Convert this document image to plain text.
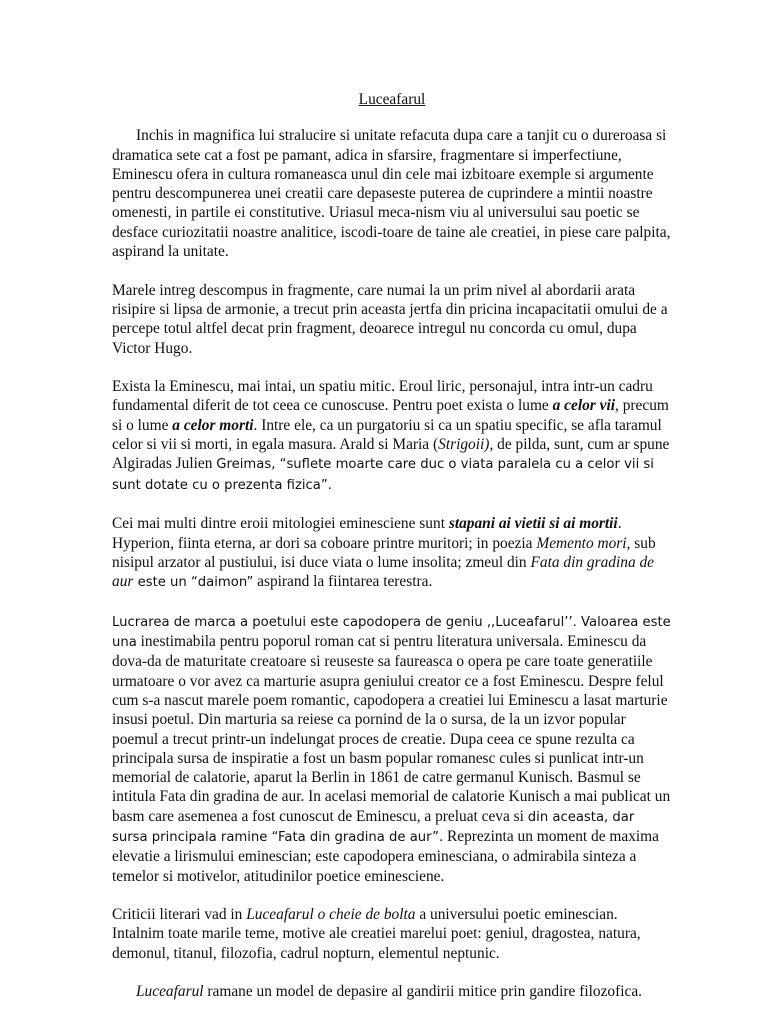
Luceafarul

Inchis in magnifica lui stralucire si unitate refacuta dupa care a tanjit cu o dureroasa si dramatica sete cat a fost pe pamant, adica in sfarsire, fragmentare si imperfectiune, Eminescu ofera in cultura romaneasca unul din cele mai izbitoare exemple si argumente pentru descompunerea unei creatii care depaseste puterea de cuprindere a mintii noastre omenesti, in partile ei constitutive. Uriasul meca-nism viu al universului sau poetic se desface curiozitatii noastre analitice, iscodi-toare de taine ale creatiei, in piese care palpita, aspirand la unitate.

Marele intreg descompus in fragmente, care numai la un prim nivel al abordarii arata risipire si lipsa de armonie, a trecut prin aceasta jertfa din pricina incapacitatii omului de a percepe totul altfel decat prin fragment, deoarece intregul nu concorda cu omul, dupa Victor Hugo.

Exista la Eminescu, mai intai, un spatiu mitic. Eroul liric, personajul, intra intr-un cadru fundamental diferit de tot ceea ce cunoscuse. Pentru poet exista o lume a celor vii, precum si o lume a celor morti. Intre ele, ca un purgatoriu si ca un spatiu specific, se afla taramul celor si vii si morti, in egala masura. Arald si Maria (Strigoii), de pilda, sunt, cum ar spune Algiradas Julien Greimas, “suflete moarte care duc o viata paralela cu a celor vii si sunt dotate cu o prezenta fizica”.

Cei mai multi dintre eroii mitologiei eminesciene sunt stapani ai vietii si ai mortii. Hyperion, fiinta eterna, ar dori sa coboare printre muritori; in poezia Memento mori, sub nisipul arzator al pustiului, isi duce viata o lume insolita; zmeul din Fata din gradina de aur este un “daimon” aspirand la fiintarea terestra.

Lucrarea de marca a poetului este capodopera de geniu ,,Luceafarul’’. Valoarea este una inestimabila pentru poporul roman cat si pentru literatura universala. Eminescu da dova-da de maturitate creatoare si reuseste sa faureasca o opera pe care toate generatiile urmatoare o vor avez ca marturie asupra geniului creator ce a fost Eminescu. Despre felul cum s-a nascut marele poem romantic, capodopera a creatiei lui Eminescu a lasat marturie insusi poetul. Din marturia sa reiese ca pornind de la o sursa, de la un izvor popular poemul a trecut printr-un indelungat proces de creatie. Dupa ceea ce spune rezulta ca principala sursa de inspiratie a fost un basm popular romanesc cules si punlicat intr-un memorial de calatorie, aparut la Berlin in 1861 de catre germanul Kunisch. Basmul se intitula Fata din gradina de aur. In acelasi memorial de calatorie Kunisch a mai publicat un basm care asemenea a fost cunoscut de Eminescu, a preluat ceva si din aceasta, dar sursa principala ramine “Fata din gradina de aur”. Reprezinta un moment de maxima elevatie a lirismului eminescian; este capodopera eminesciana, o admirabila sinteza a temelor si motivelor, atitudinilor poetice eminesciene.

Criticii literari vad in Luceafarul o cheie de bolta a universului poetic eminescian. Intalnim toate marile teme, motive ale creatiei marelui poet: geniul, dragostea, natura, demonul, titanul, filozofia, cadrul nopturn, elementul neptunic.

Luceafarul ramane un model de depasire al gandirii mitice prin gandire filozofica.
